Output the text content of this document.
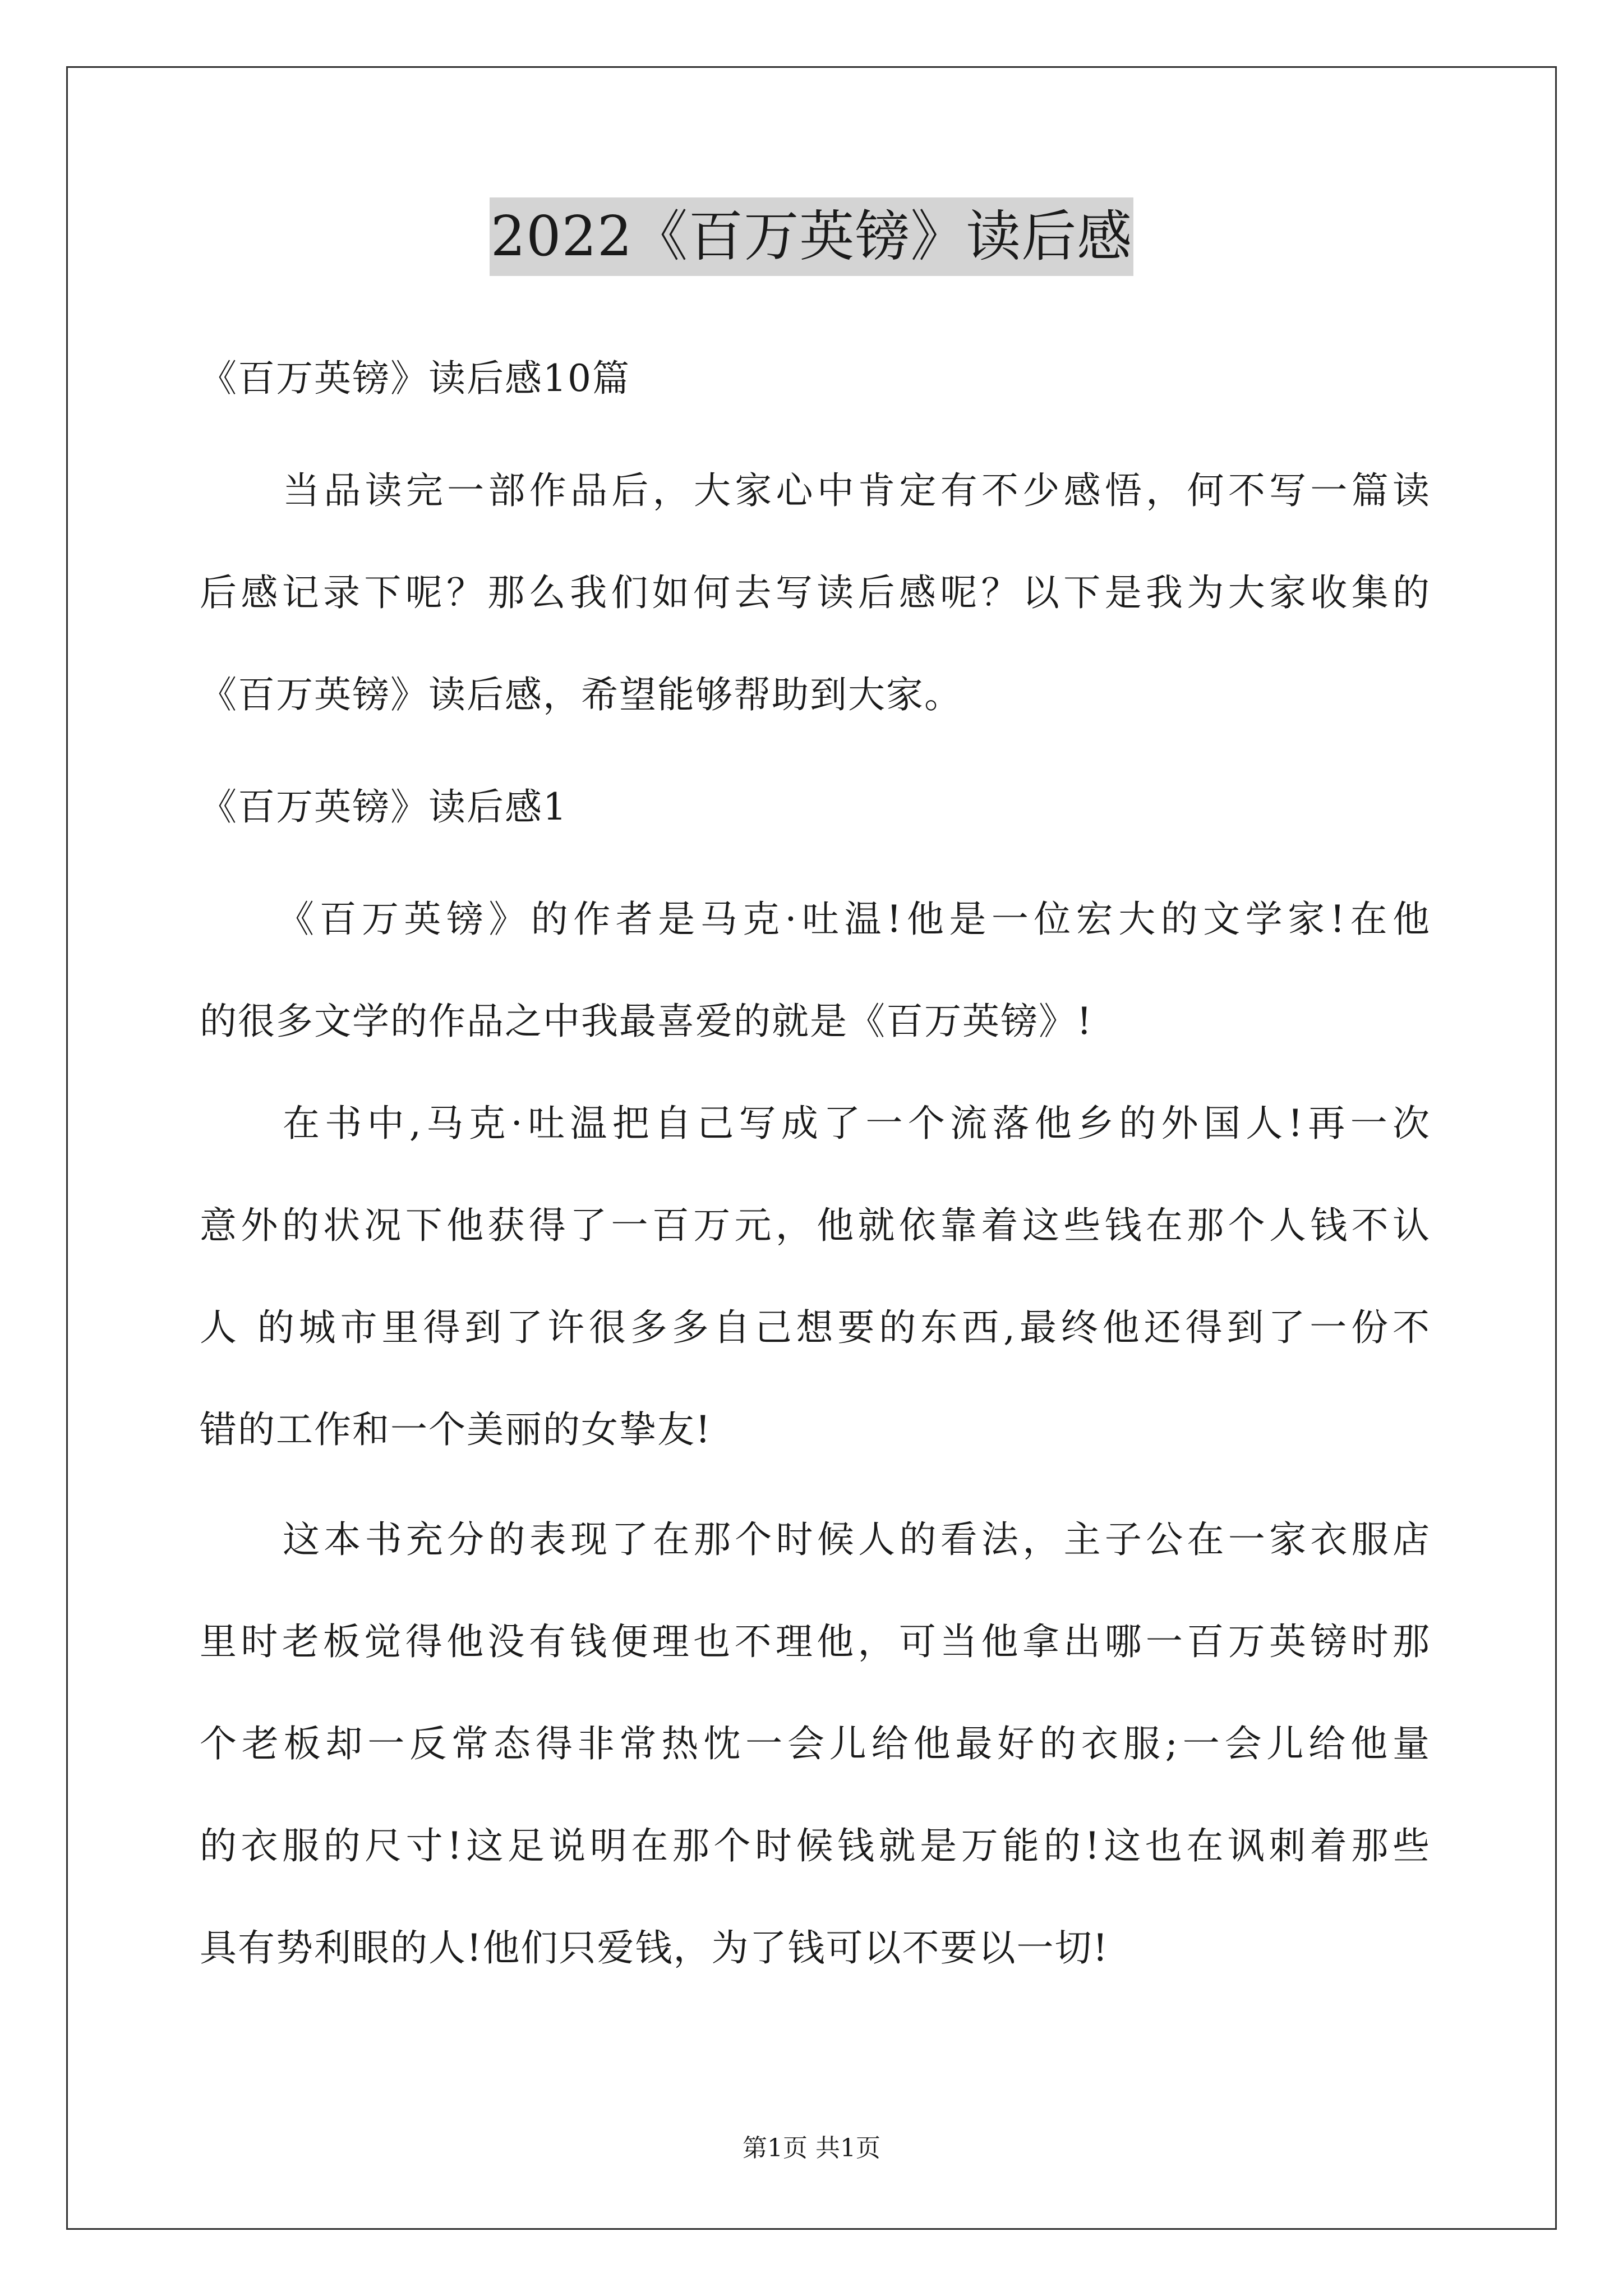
2022《百万英镑》读后感
《百万英镑》读后感10篇
当品读完一部作品后，大家心中肯定有不少感悟，何不写一篇读
后感记录下呢？那么我们如何去写读后感呢？以下是我为大家收集的
《百万英镑》读后感，希望能够帮助到大家。
《百万英镑》读后感1
《百万英镑》的作者是马克·吐温!他是一位宏大的文学家!在他
的很多文学的作品之中我最喜爱的就是《百万英镑》!
在书中,马克·吐温把自己写成了一个流落他乡的外国人!再一次
意外的状况下他获得了一百万元，他就依靠着这些钱在那个人钱不认
人 的城市里得到了许很多多自己想要的东西,最终他还得到了一份不
错的工作和一个美丽的女挚友!
这本书充分的表现了在那个时候人的看法，主子公在一家衣服店
里时老板觉得他没有钱便理也不理他，可当他拿出哪一百万英镑时那
个老板却一反常态得非常热忱一会儿给他最好的衣服;一会儿给他量
的衣服的尺寸!这足说明在那个时候钱就是万能的!这也在讽刺着那些
具有势利眼的人!他们只爱钱，为了钱可以不要以一切!
第1页 共1页
